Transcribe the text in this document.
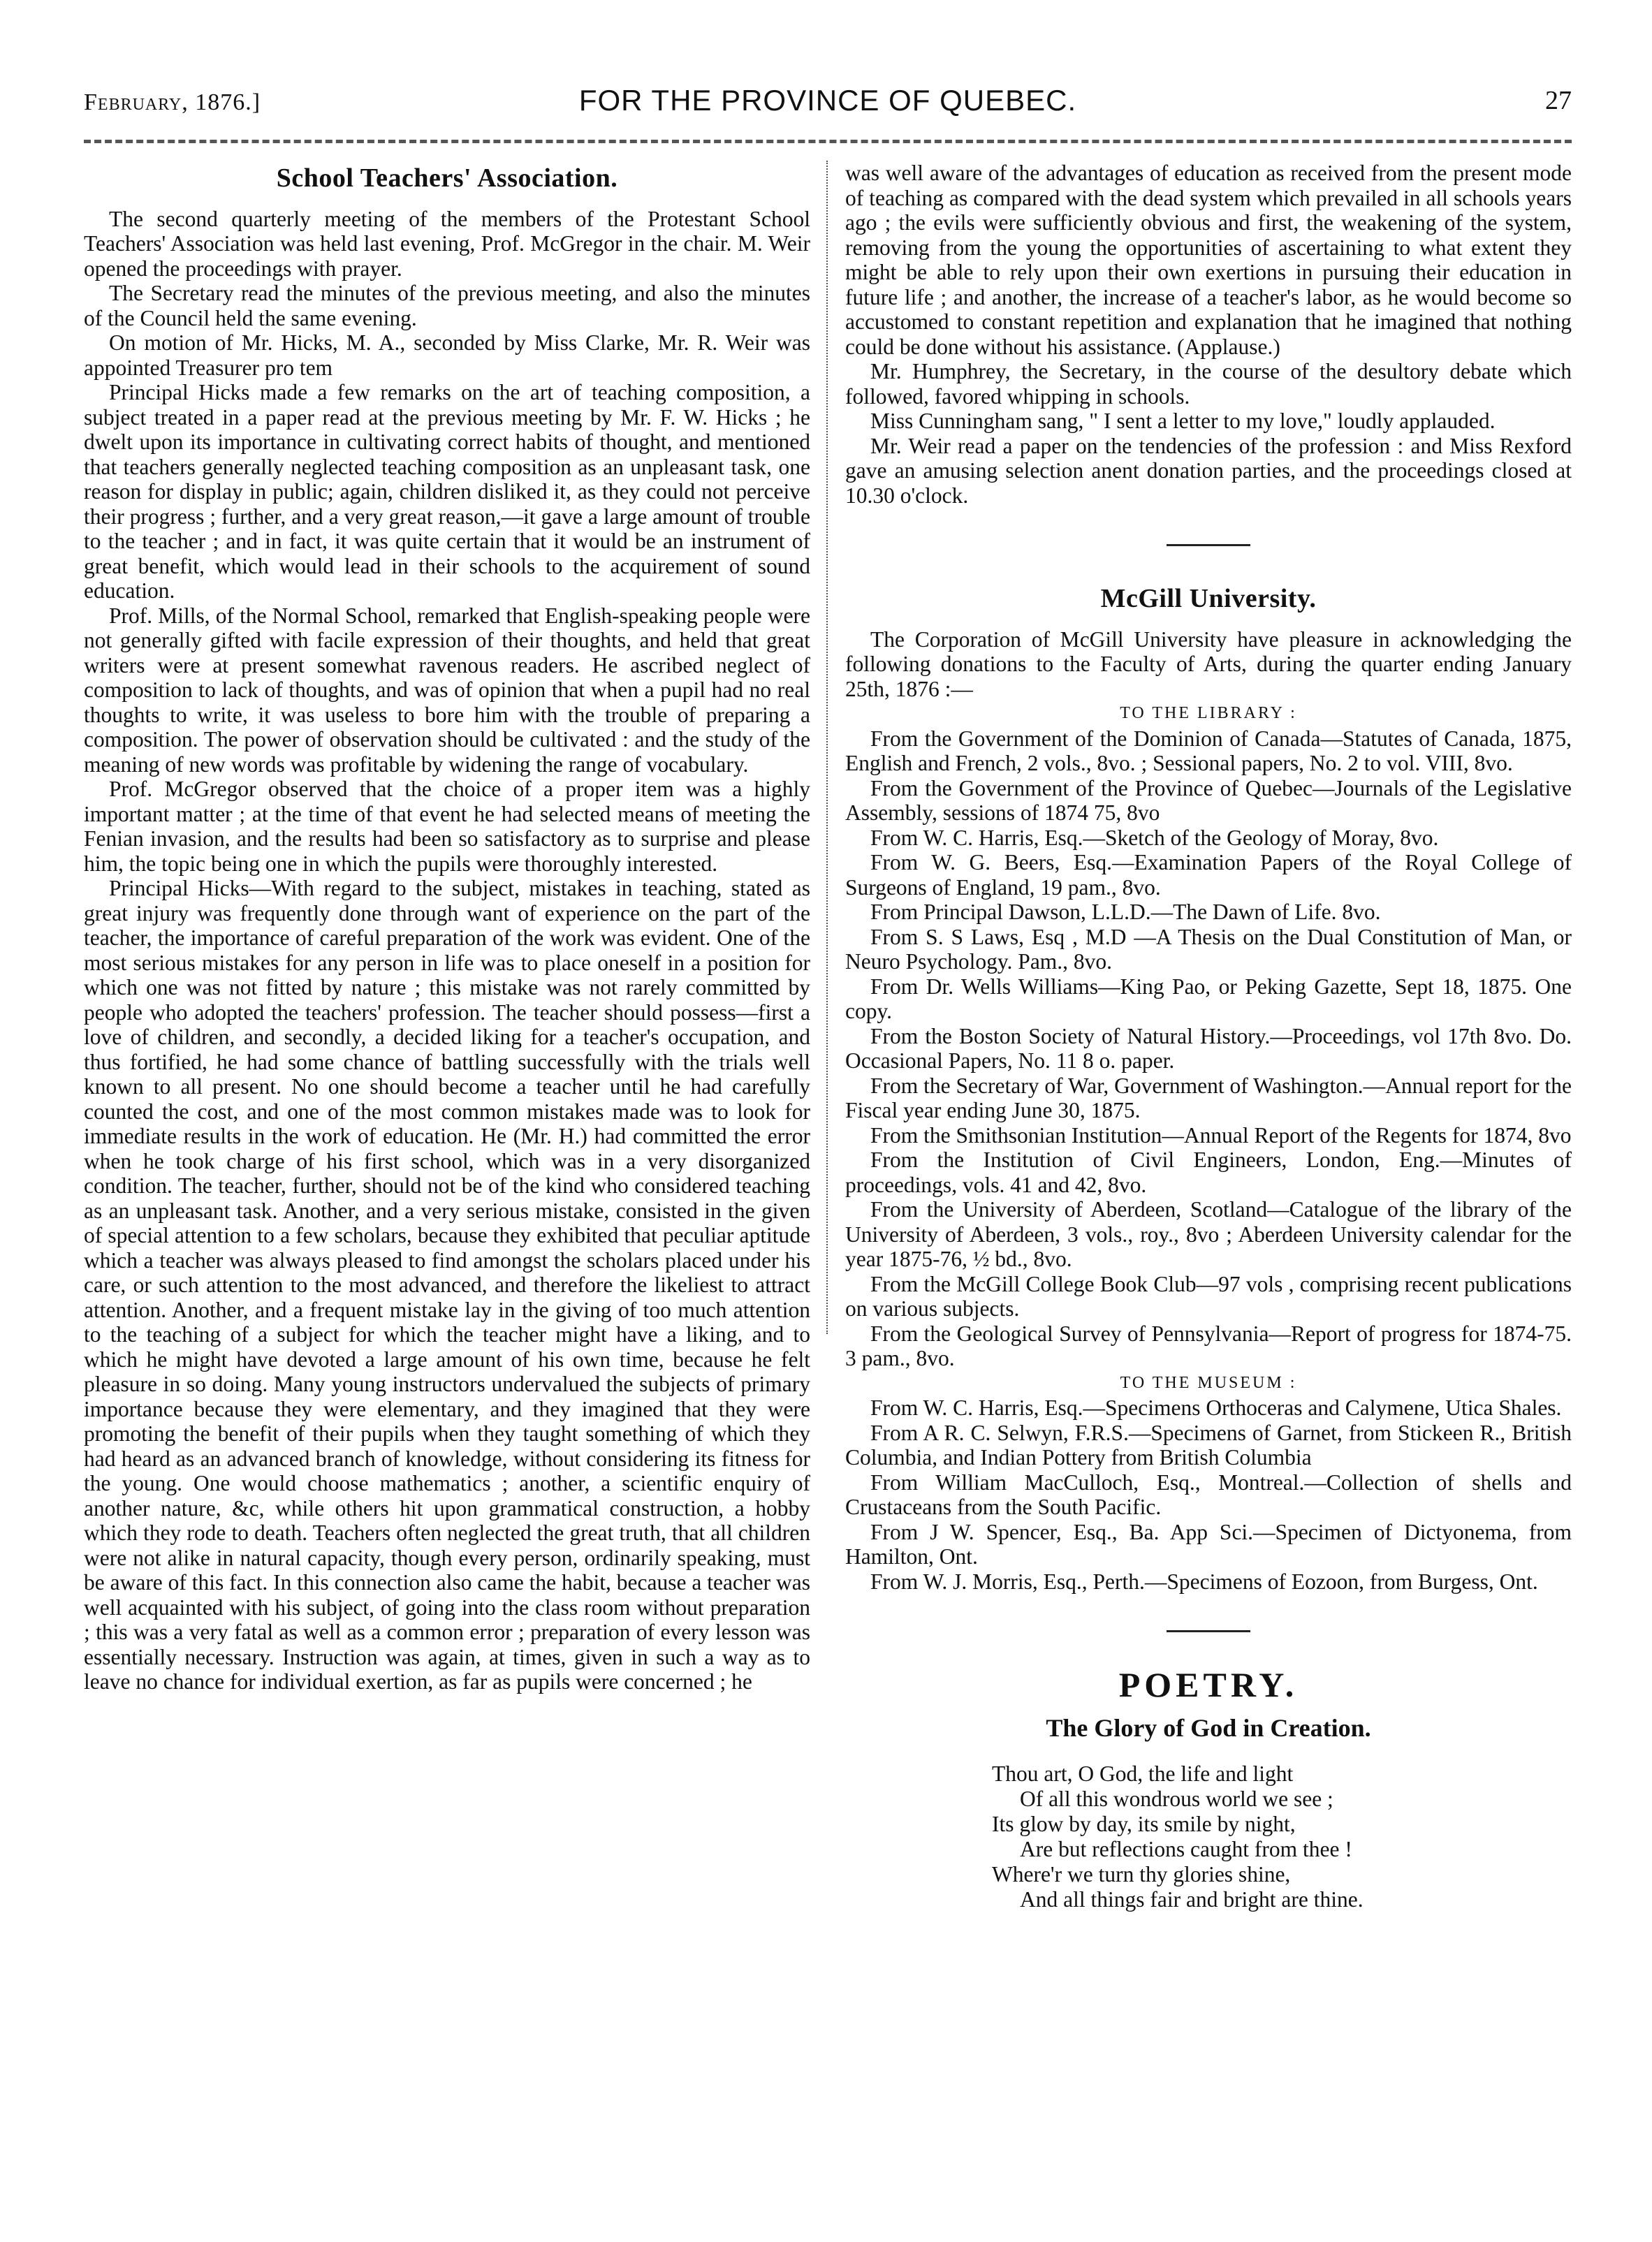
February, 1876.]	FOR THE PROVINCE OF QUEBEC.	27
School Teachers' Association.

The second quarterly meeting of the members of the Protestant School Teachers' Association was held last evening, Prof. McGregor in the chair. M. Weir opened the proceedings with prayer.

The Secretary read the minutes of the previous meeting, and also the minutes of the Council held the same evening.

On motion of Mr. Hicks, M. A., seconded by Miss Clarke, Mr. R. Weir was appointed Treasurer pro tem

Principal Hicks made a few remarks on the art of teaching composition, a subject treated in a paper read at the previous meeting by Mr. F. W. Hicks ; he dwelt upon its importance in cultivating correct habits of thought, and mentioned that teachers generally neglected teaching composition as an unpleasant task, one reason for display in public; again, children disliked it, as they could not perceive their progress ; further, and a very great reason,—it gave a large amount of trouble to the teacher ; and in fact, it was quite certain that it would be an instrument of great benefit, which would lead in their schools to the acquirement of sound education.

Prof. Mills, of the Normal School, remarked that English-speaking people were not generally gifted with facile expression of their thoughts, and held that great writers were at present somewhat ravenous readers. He ascribed neglect of composition to lack of thoughts, and was of opinion that when a pupil had no real thoughts to write, it was useless to bore him with the trouble of preparing a composition. The power of observation should be cultivated : and the study of the meaning of new words was profitable by widening the range of vocabulary.

Prof. McGregor observed that the choice of a proper item was a highly important matter ; at the time of that event he had selected means of meeting the Fenian invasion, and the results had been so satisfactory as to surprise and please him, the topic being one in which the pupils were thoroughly interested.

Principal Hicks—With regard to the subject, mistakes in teaching, stated as great injury was frequently done through want of experience on the part of the teacher, the importance of careful preparation of the work was evident. One of the most serious mistakes for any person in life was to place oneself in a position for which one was not fitted by nature ; this mistake was not rarely committed by people who adopted the teachers' profession. The teacher should possess—first a love of children, and secondly, a decided liking for a teacher's occupation, and thus fortified, he had some chance of battling successfully with the trials well known to all present. No one should become a teacher until he had carefully counted the cost, and one of the most common mistakes made was to look for immediate results in the work of education. He (Mr. H.) had committed the error when he took charge of his first school, which was in a very disorganized condition. The teacher, further, should not be of the kind who considered teaching as an unpleasant task. Another, and a very serious mistake, consisted in the given of special attention to a few scholars, because they exhibited that peculiar aptitude which a teacher was always pleased to find amongst the scholars placed under his care, or such attention to the most advanced, and therefore the likeliest to attract attention. Another, and a frequent mistake lay in the giving of too much attention to the teaching of a subject for which the teacher might have a liking, and to which he might have devoted a large amount of his own time, because he felt pleasure in so doing. Many young instructors undervalued the subjects of primary importance because they were elementary, and they imagined that they were promoting the benefit of their pupils when they taught something of which they had heard as an advanced branch of knowledge, without considering its fitness for the young. One would choose mathematics ; another, a scientific enquiry of another nature, &c, while others hit upon grammatical construction, a hobby which they rode to death. Teachers often neglected the great truth, that all children were not alike in natural capacity, though every person, ordinarily speaking, must be aware of this fact. In this connection also came the habit, because a teacher was well acquainted with his subject, of going into the class room without preparation ; this was a very fatal as well as a common error ; preparation of every lesson was essentially necessary. Instruction was again, at times, given in such a way as to leave no chance for individual exertion, as far as pupils were concerned ; he

was well aware of the advantages of education as received from the present mode of teaching as compared with the dead system which prevailed in all schools years ago ; the evils were sufficiently obvious and first, the weakening of the system, removing from the young the opportunities of ascertaining to what extent they might be able to rely upon their own exertions in pursuing their education in future life ; and another, the increase of a teacher's labor, as he would become so accustomed to constant repetition and explanation that he imagined that nothing could be done without his assistance. (Applause.)

Mr. Humphrey, the Secretary, in the course of the desultory debate which followed, favored whipping in schools.

Miss Cunningham sang, " I sent a letter to my love," loudly applauded.

Mr. Weir read a paper on the tendencies of the profession : and Miss Rexford gave an amusing selection anent donation parties, and the proceedings closed at 10.30 o'clock.

McGill University.

The Corporation of McGill University have pleasure in acknowledging the following donations to the Faculty of Arts, during the quarter ending January 25th, 1876 :—

TO THE LIBRARY :

From the Government of the Dominion of Canada—Statutes of Canada, 1875, English and French, 2 vols., 8vo. ; Sessional papers, No. 2 to vol. VIII, 8vo.

From the Government of the Province of Quebec—Journals of the Legislative Assembly, sessions of 1874 75, 8vo

From W. C. Harris, Esq.—Sketch of the Geology of Moray, 8vo.

From W. G. Beers, Esq.—Examination Papers of the Royal College of Surgeons of England, 19 pam., 8vo.

From Principal Dawson, L.L.D.—The Dawn of Life. 8vo.

From S. S Laws, Esq , M.D —A Thesis on the Dual Constitution of Man, or Neuro Psychology. Pam., 8vo.

From Dr. Wells Williams—King Pao, or Peking Gazette, Sept 18, 1875. One copy.

From the Boston Society of Natural History.—Proceedings, vol 17th 8vo. Do. Occasional Papers, No. 11 8 o. paper.

From the Secretary of War, Government of Washington.—Annual report for the Fiscal year ending June 30, 1875.

From the Smithsonian Institution—Annual Report of the Regents for 1874, 8vo

From the Institution of Civil Engineers, London, Eng.—Minutes of proceedings, vols. 41 and 42, 8vo.

From the University of Aberdeen, Scotland—Catalogue of the library of the University of Aberdeen, 3 vols., roy., 8vo ; Aberdeen University calendar for the year 1875-76, ½ bd., 8vo.

From the McGill College Book Club—97 vols , comprising recent publications on various subjects.

From the Geological Survey of Pennsylvania—Report of progress for 1874-75. 3 pam., 8vo.

TO THE MUSEUM :

From W. C. Harris, Esq.—Specimens Orthoceras and Calymene, Utica Shales.

From A R. C. Selwyn, F.R.S.—Specimens of Garnet, from Stickeen R., British Columbia, and Indian Pottery from British Columbia

From William MacCulloch, Esq., Montreal.—Collection of shells and Crustaceans from the South Pacific.

From J W. Spencer, Esq., Ba. App Sci.—Specimen of Dictyonema, from Hamilton, Ont.

From W. J. Morris, Esq., Perth.—Specimens of Eozoon, from Burgess, Ont.

POETRY.
The Glory of God in Creation.
Thou art, O God, the life and light
Of all this wondrous world we see ;
Its glow by day, its smile by night,
Are but reflections caught from thee !
Where'r we turn thy glories shine,
And all things fair and bright are thine.
